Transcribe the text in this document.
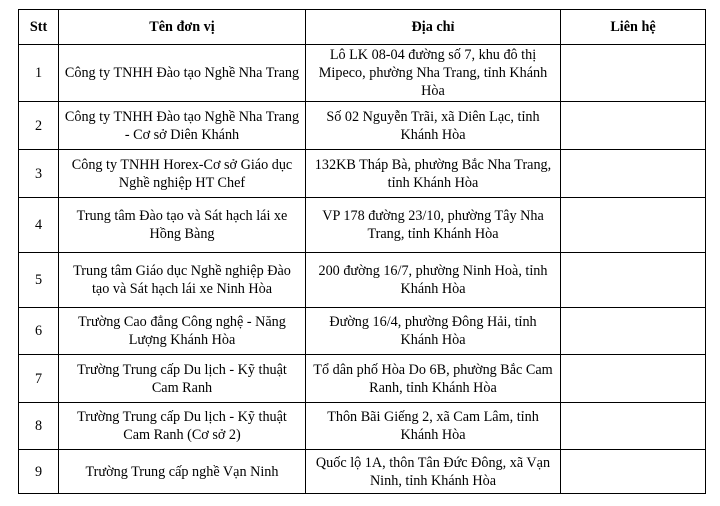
Stt	Tên đơn vị	Địa chỉ	Liên hệ
1	Công ty TNHH Đào tạo Nghề Nha Trang	Lô LK 08-04 đường số 7, khu đô thị Mipeco, phường Nha Trang, tỉnh Khánh Hòa	
2	Công ty TNHH Đào tạo Nghề Nha Trang - Cơ sở Diên Khánh	Số 02 Nguyễn Trãi, xã Diên Lạc, tỉnh Khánh Hòa	
3	Công ty TNHH Horex-Cơ sở Giáo dục Nghề nghiệp HT Chef	132KB Tháp Bà, phường Bắc Nha Trang, tỉnh Khánh Hòa	
4	Trung tâm Đào tạo và Sát hạch lái xe Hồng Bàng	VP 178 đường 23/10, phường Tây Nha Trang, tỉnh Khánh Hòa	
5	Trung tâm Giáo dục Nghề nghiệp Đào tạo và Sát hạch lái xe Ninh Hòa	200 đường 16/7, phường Ninh Hoà, tỉnh Khánh Hòa	
6	Trường Cao đẳng Công nghệ - Năng Lượng Khánh Hòa	Đường 16/4, phường Đông Hải, tỉnh Khánh Hòa	
7	Trường Trung cấp Du lịch - Kỹ thuật Cam Ranh	Tổ dân phố Hòa Do 6B, phường Bắc Cam Ranh, tỉnh Khánh Hòa	
8	Trường Trung cấp Du lịch - Kỹ thuật Cam Ranh (Cơ sở 2)	Thôn Bãi Giếng 2, xã Cam Lâm, tỉnh Khánh Hòa	
9	Trường Trung cấp nghề Vạn Ninh	Quốc lộ 1A, thôn Tân Đức Đông, xã Vạn Ninh, tỉnh Khánh Hòa	
